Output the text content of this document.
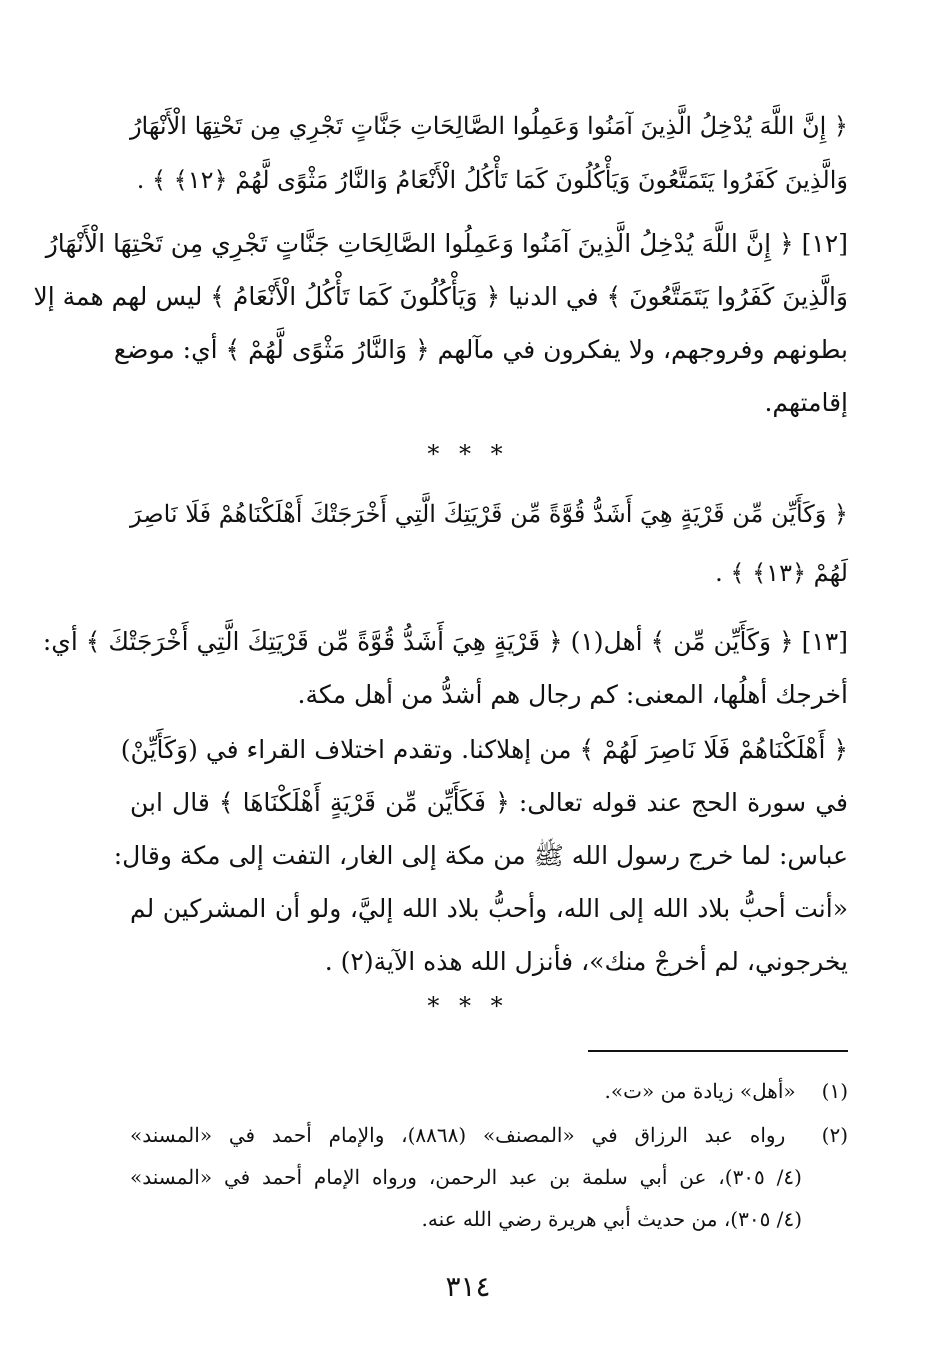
﴿ إِنَّ اللَّهَ يُدْخِلُ الَّذِينَ آمَنُوا وَعَمِلُوا الصَّالِحَاتِ جَنَّاتٍ تَجْرِي مِن تَحْتِهَا الْأَنْهَارُ
وَالَّذِينَ كَفَرُوا يَتَمَتَّعُونَ وَيَأْكُلُونَ كَمَا تَأْكُلُ الْأَنْعَامُ وَالنَّارُ مَثْوًى لَّهُمْ ﴿١٢﴾ ﴾ .
[١٢] ﴿ إِنَّ اللَّهَ يُدْخِلُ الَّذِينَ آمَنُوا وَعَمِلُوا الصَّالِحَاتِ جَنَّاتٍ تَجْرِي مِن تَحْتِهَا الْأَنْهَارُ
وَالَّذِينَ كَفَرُوا يَتَمَتَّعُونَ ﴾ في الدنيا ﴿ وَيَأْكُلُونَ كَمَا تَأْكُلُ الْأَنْعَامُ ﴾ ليس لهم همة إلا
بطونهم وفروجهم، ولا يفكرون في مآلهم ﴿ وَالنَّارُ مَثْوًى لَّهُمْ ﴾ أي: موضع
إقامتهم.
* * *
﴿ وَكَأَيِّن مِّن قَرْيَةٍ هِيَ أَشَدُّ قُوَّةً مِّن قَرْيَتِكَ الَّتِي أَخْرَجَتْكَ أَهْلَكْنَاهُمْ فَلَا نَاصِرَ
لَهُمْ ﴿١٣﴾ ﴾ .
[١٣] ﴿ وَكَأَيِّن مِّن ﴾ أهل(١) ﴿ قَرْيَةٍ هِيَ أَشَدُّ قُوَّةً مِّن قَرْيَتِكَ الَّتِي أَخْرَجَتْكَ ﴾ أي:
أخرجك أهلُها، المعنى: كم رجال هم أشدُّ من أهل مكة.
﴿ أَهْلَكْنَاهُمْ فَلَا نَاصِرَ لَهُمْ ﴾ من إهلاكنا. وتقدم اختلاف القراء في (وَكَأَيِّنْ)
في سورة الحج عند قوله تعالى: ﴿ فَكَأَيِّن مِّن قَرْيَةٍ أَهْلَكْنَاهَا ﴾ قال ابن
عباس: لما خرج رسول الله ﷺ من مكة إلى الغار، التفت إلى مكة وقال:
«أنت أحبُّ بلاد الله إلى الله، وأحبُّ بلاد الله إليَّ، ولو أن المشركين لم
يخرجوني، لم أخرجْ منك»، فأنزل الله هذه الآية(٢) .
* * *
(١) «أهل» زيادة من «ت».
(٢) رواه عبد الرزاق في «المصنف» (٨٨٦٨)، والإمام أحمد في «المسند»
(٤/ ٣٠٥)، عن أبي سلمة بن عبد الرحمن، ورواه الإمام أحمد في «المسند»
(٤/ ٣٠٥)، من حديث أبي هريرة رضي الله عنه.
٣١٤
